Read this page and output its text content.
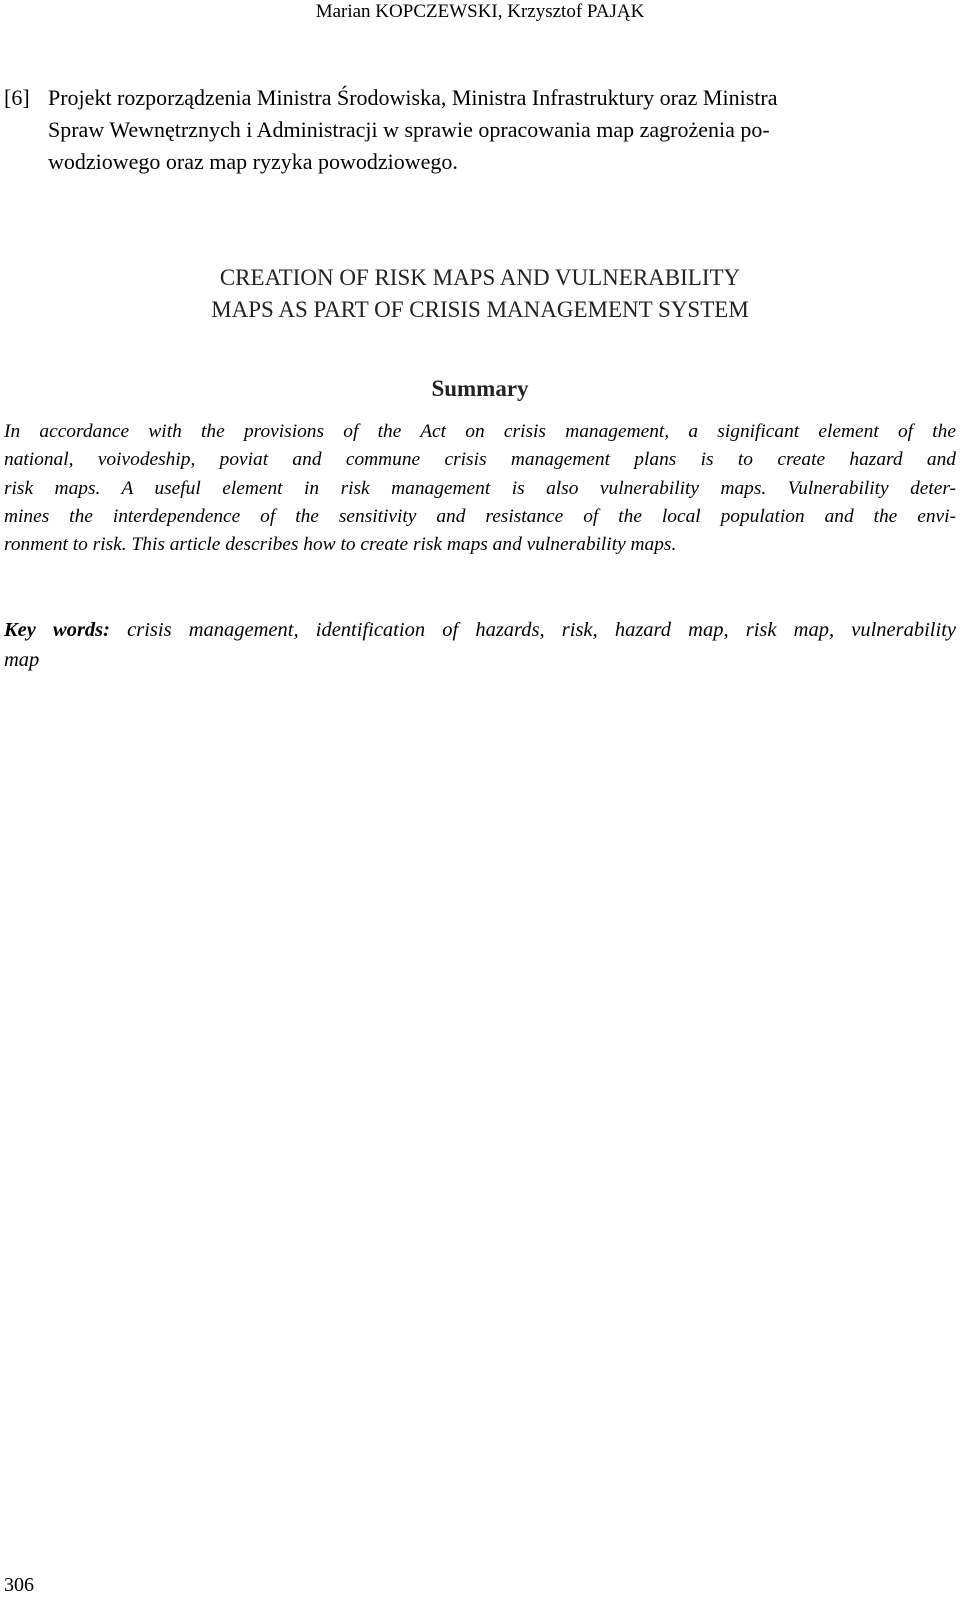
Marian KOPCZEWSKI, Krzysztof PAJĄK
[6] Projekt rozporządzenia Ministra Środowiska, Ministra Infrastruktury oraz Ministra
Spraw Wewnętrznych i Administracji w sprawie opracowania map zagrożenia po-
wodziowego oraz map ryzyka powodziowego.
CREATION OF RISK MAPS AND VULNERABILITY
MAPS AS PART OF CRISIS MANAGEMENT SYSTEM
Summary
In accordance with the provisions of the Act on crisis management, a significant element of the
national, voivodeship, poviat and commune crisis management plans is to create hazard and
risk maps. A useful element in risk management is also vulnerability maps. Vulnerability deter-
mines the interdependence of the sensitivity and resistance of the local population and the envi-
ronment to risk. This article describes how to create risk maps and vulnerability maps.
Key words: crisis management, identification of hazards, risk, hazard map, risk map, vulnerability
map
306
